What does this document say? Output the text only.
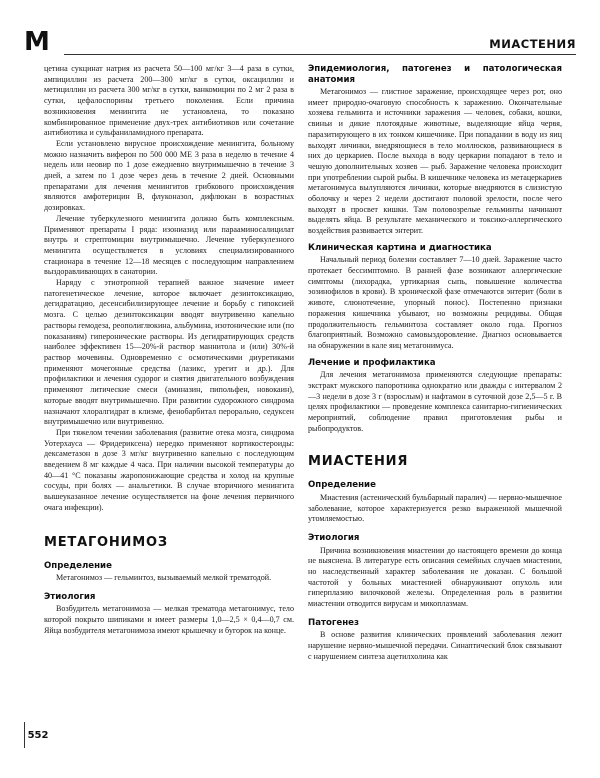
М	МИАСТЕНИЯ

цетина сукцинат натрия из расчета 50—100 мг/кг 3—4 раза в сутки, ампициллин из расчета 200—300 мг/кг в сутки, оксациллин и метициллин из расчета 300 мг/кг в сутки, ванкомицин по 2 мг 2 раза в сутки, цефалоспорины третьего поколения. Если причина возникновения менингита не установлена, то показано комбинированное применение двух-трех антибиотиков или сочетание антибиотика и сульфаниламидного препарата.

Если установлено вирусное происхождение менингита, больному можно назначить виферон по 500 000 МЕ 3 раза в неделю в течение 4 недель или неовир по 1 дозе ежедневно внутримышечно в течение 3 дней, а затем по 1 дозе через день в течение 2 дней. Основными препаратами для лечения менингитов грибкового происхождения являются амфотерицин B, флуконазол, дифлюкан в возрастных дозировках.

Лечение туберкулезного менингита должно быть комплексным. Применяют препараты I ряда: изониазид или парааминосалицилат внутрь и стрептомицин внутримышечно. Лечение туберкулезного менингита осуществляется в условиях специализированного стационара в течение 12—18 месяцев с последующим направлением выздоравливающих в санатории.

Наряду с этиотропной терапией важное значение имеет патогенетическое лечение, которое включает дезинтоксикацию, дегидратацию, десенсибилизирующее лечение и борьбу с гипоксией мозга. С целью дезинтоксикации вводят внутривенно капельно растворы гемодеза, реополиглюкина, альбумина, изотонические или (по показаниям) гиперонические растворы. Из дегидратирующих средств наиболее эффективен 15—20%-й раствор маннитола и (или) 30%-й раствор мочевины. Одновременно с осмотическими диуретиками применяют мочегонные средства (лазикс, урегит и др.). Для профилактики и лечения судорог и снятия двигательного возбуждения применяют литические смеси (аминазин, пипольфен, новокаин), которые вводят внутримышечно. При развитии судорожного синдрома назначают хлоралгидрат в клизме, фенобарбитал перорально, седуксен внутримышечно или внутривенно.

При тяжелом течении заболевания (развитие отека мозга, синдрома Уотерхауса — Фридериксена) нередко применяют кортикостероиды: дексаметазон в дозе 3 мг/кг внутривенно капельно с последующим введением 8 мг каждые 4 часа. При наличии высокой температуры до 40—41 °С показаны жаропонижающие средства и холод на крупные сосуды, при болях — анальгетики. В случае вторичного менингита вышеуказанное лечение осуществляется на фоне лечения первичного очага инфекции).

МЕТАГОНИМОЗ
Определение

Метагонимоз — гельминтоз, вызываемый мелкой трематодой.

Этиология

Возбудитель метагонимоза — мелкая трематода метагонимус, тело которой покрыто шипиками и имеет размеры 1,0—2,5 × 0,4—0,7 см. Яйца возбудителя метагонимоза имеют крышечку и бугорок на конце.

Эпидемиология, патогенез и патологическая анатомия

Метагонимоз — глистное заражение, происходящее через рот, оно имеет природно-очаговую способность к заражению. Окончательные хозяева гельминта и источники заражения — человек, собаки, кошки, свиньи и дикие плотоядные животные, выделяющие яйца червя, паразитирующего в их тонком кишечнике. При попадании в воду из яиц выходят личинки, внедряющиеся в тело моллюсков, развивающиеся в них до церкариев. После выхода в воду церкарии попадают в тело и чешую дополнительных хозяев — рыб. Заражение человека происходит при употреблении сырой рыбы. В кишечнике человека из метацеркариев метагонимуса вылупляются личинки, которые внедряются в слизистую оболочку и через 2 недели достигают половой зрелости, после чего выходят в просвет кишки. Там половозрелые гельминты начинают выделять яйца. В результате механического и токсико-аллергического воздействия развивается энтерит.

Клиническая картина и диагностика

Начальный период болезни составляет 7—10 дней. Заражение часто протекает бессимптомно. В ранней фазе возникают аллергические симптомы (лихорадка, уртикарная сыпь, повышение количества эозинофилов в крови). В хронической фазе отмечаются энтерит (боли в животе, слюнотечение, упорный понос). Постепенно признаки поражения кишечника убывают, но возможны рецидивы. Общая продолжительность гельминтоза составляет около года. Прогноз благоприятный. Возможно самовыздоровление. Диагноз основывается на обнаружении в кале яиц метагонимуса.

Лечение и профилактика

Для лечения метагонимоза применяются следующие препараты: экстракт мужского папоротника однократно или дважды с интервалом 2—3 недели в дозе 3 г (взрослым) и нафтамон в суточной дозе 2,5—5 г. В целях профилактики — проведение комплекса санитарно-гигиенических мероприятий, соблюдение правил приготовления рыбы и рыбопродуктов.

МИАСТЕНИЯ
Определение

Миастения (астенический бульбарный паралич) — нервно-мышечное заболевание, которое характеризуется резко выраженной мышечной утомляемостью.

Этиология

Причина возникновения миастении до настоящего времени до конца не выяснена. В литературе есть описания семейных случаев миастении, но наследственный характер заболевания не доказан. С большой частотой у больных миастенией обнаруживают опухоль или гиперплазию вилочковой железы. Определенная роль в развитии миастении отводится вирусам и микоплазмам.

Патогенез

В основе развития клинических проявлений заболевания лежит нарушение нервно-мышечной передачи. Синаптический блок связывают с нарушением синтеза ацетилхолина как

552
